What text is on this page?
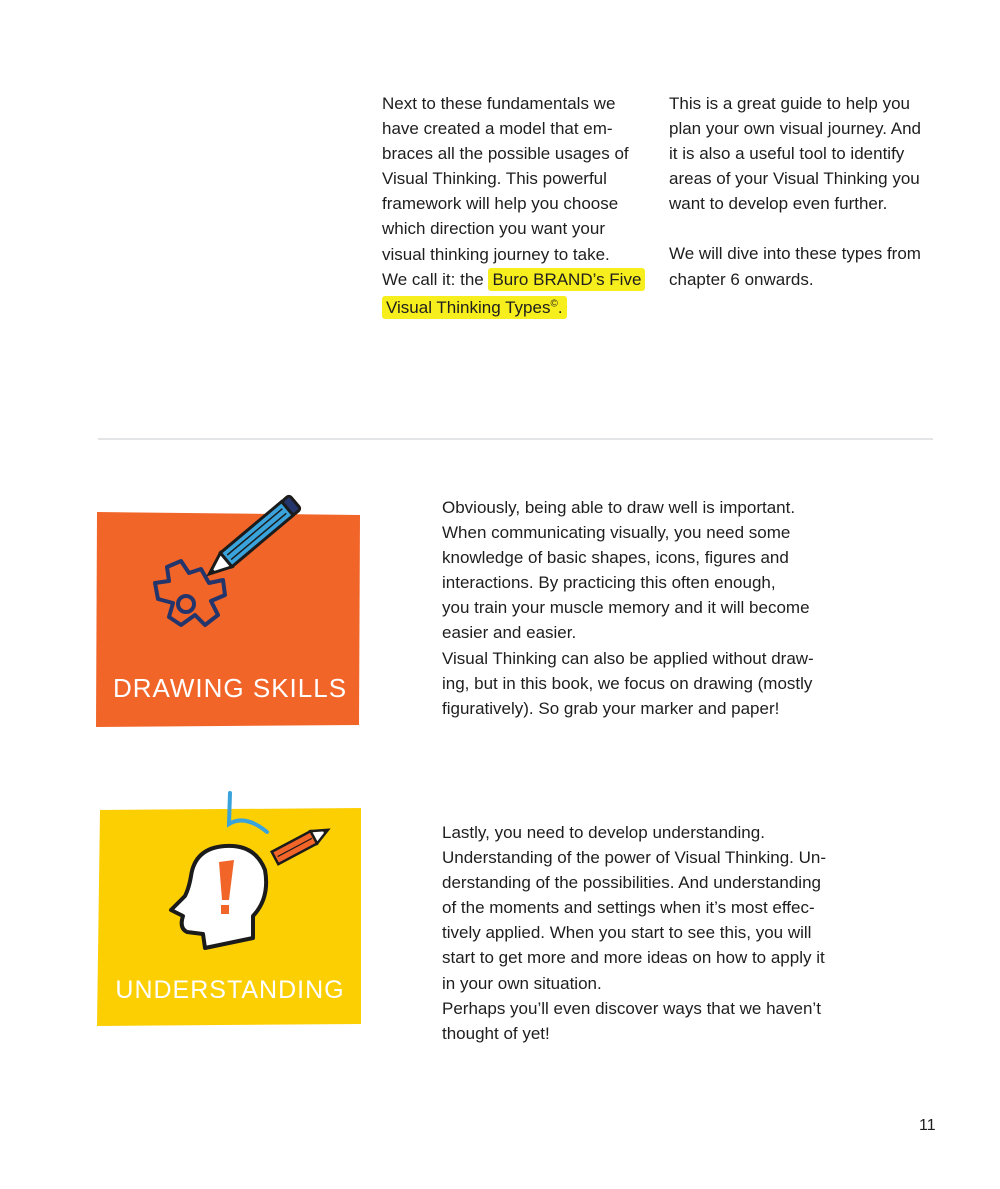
Next to these fundamentals we
have created a model that em-
braces all the possible usages of
Visual Thinking. This powerful
framework will help you choose
which direction you want your
visual thinking journey to take.
We call it: the Buro BRAND’s Five
Visual Thinking Types©.
This is a great guide to help you
plan your own visual journey. And
it is also a useful tool to identify
areas of your Visual Thinking you
want to develop even further.
We will dive into these types from
chapter 6 onwards.
DRAWING SKILLS
Obviously, being able to draw well is important.
When communicating visually, you need some
knowledge of basic shapes, icons, figures and
interactions. By practicing this often enough,
you train your muscle memory and it will become
easier and easier.
Visual Thinking can also be applied without draw-
ing, but in this book, we focus on drawing (mostly
figuratively). So grab your marker and paper!
UNDERSTANDING
Lastly, you need to develop understanding.
Understanding of the power of Visual Thinking. Un-
derstanding of the possibilities. And understanding
of the moments and settings when it’s most effec-
tively applied. When you start to see this, you will
start to get more and more ideas on how to apply it
in your own situation.
Perhaps you’ll even discover ways that we haven’t
thought of yet!
11
